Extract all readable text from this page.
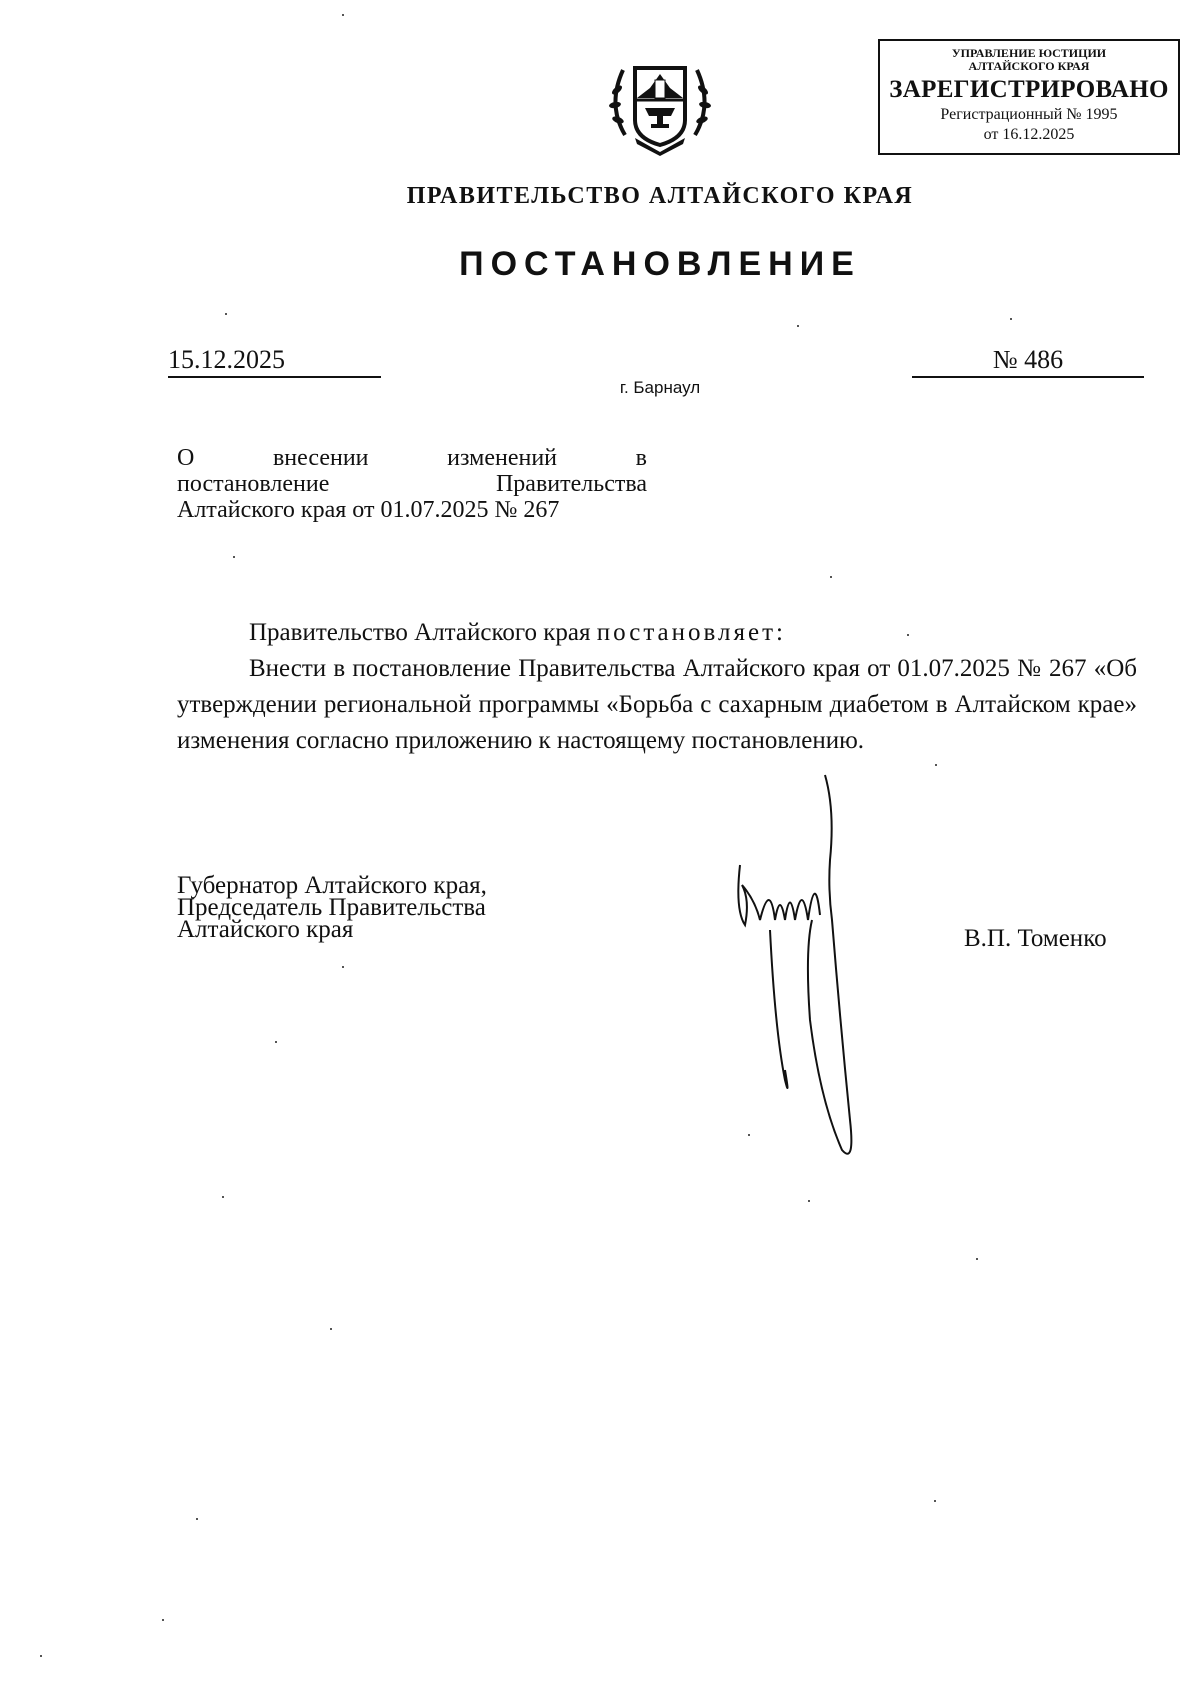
УПРАВЛЕНИЕ ЮСТИЦИИ
АЛТАЙСКОГО КРАЯ
ЗАРЕГИСТРИРОВАНО
Регистрационный № 1995
от 16.12.2025
ПРАВИТЕЛЬСТВО АЛТАЙСКОГО КРАЯ
ПОСТАНОВЛЕНИЕ
15.12.2025	№ 486
г. Барнаул
О внесении изменений в
постановление Правительства
Алтайского края от 01.07.2025 № 267

Правительство Алтайского края постановляет:

Внести в постановление Правительства Алтайского края от 01.07.2025 № 267 «Об утверждении региональной программы «Борьба с сахарным диабетом в Алтайском крае» изменения согласно приложению к настоящему постановлению.

Губернатор Алтайского края,
Председатель Правительства
Алтайского края	В.П. Томенко
